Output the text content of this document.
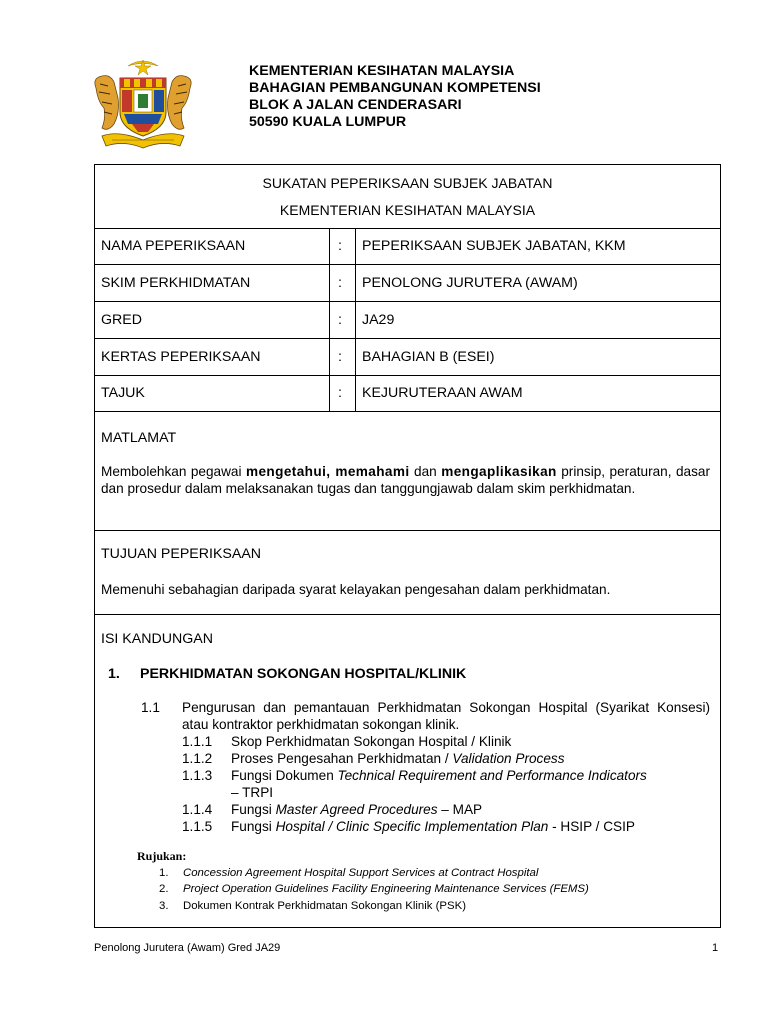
KEMENTERIAN KESIHATAN MALAYSIA
BAHAGIAN PEMBANGUNAN KOMPETENSI
BLOK A JALAN CENDERASARI
50590 KUALA LUMPUR
SUKATAN PEPERIKSAAN SUBJEK JABATAN
KEMENTERIAN KESIHATAN MALAYSIA
NAMA PEPERIKSAAN	: PEPERIKSAAN SUBJEK JABATAN, KKM
SKIM PERKHIDMATAN	: PENOLONG JURUTERA (AWAM)
GRED	: JA29
KERTAS PEPERIKSAAN	: BAHAGIAN B (ESEI)
TAJUK	: KEJURUTERAAN AWAM
MATLAMAT
Membolehkan pegawai mengetahui, memahami dan mengaplikasikan prinsip, peraturan, dasar dan prosedur dalam melaksanakan tugas dan tanggungjawab dalam skim perkhidmatan.
TUJUAN PEPERIKSAAN
Memenuhi sebahagian daripada syarat kelayakan pengesahan dalam perkhidmatan.
ISI KANDUNGAN
1. PERKHIDMATAN SOKONGAN HOSPITAL/KLINIK
1.1 Pengurusan dan pemantauan Perkhidmatan Sokongan Hospital (Syarikat Konsesi) atau kontraktor perkhidmatan sokongan klinik.
1.1.1 Skop Perkhidmatan Sokongan Hospital / Klinik
1.1.2 Proses Pengesahan Perkhidmatan / Validation Process
1.1.3 Fungsi Dokumen Technical Requirement and Performance Indicators
– TRPI
1.1.4 Fungsi Master Agreed Procedures – MAP
1.1.5 Fungsi Hospital / Clinic Specific Implementation Plan - HSIP / CSIP
Rujukan:
1. Concession Agreement Hospital Support Services at Contract Hospital
2. Project Operation Guidelines Facility Engineering Maintenance Services (FEMS)
3. Dokumen Kontrak Perkhidmatan Sokongan Klinik (PSK)
Penolong Jurutera (Awam) Gred JA29	1
